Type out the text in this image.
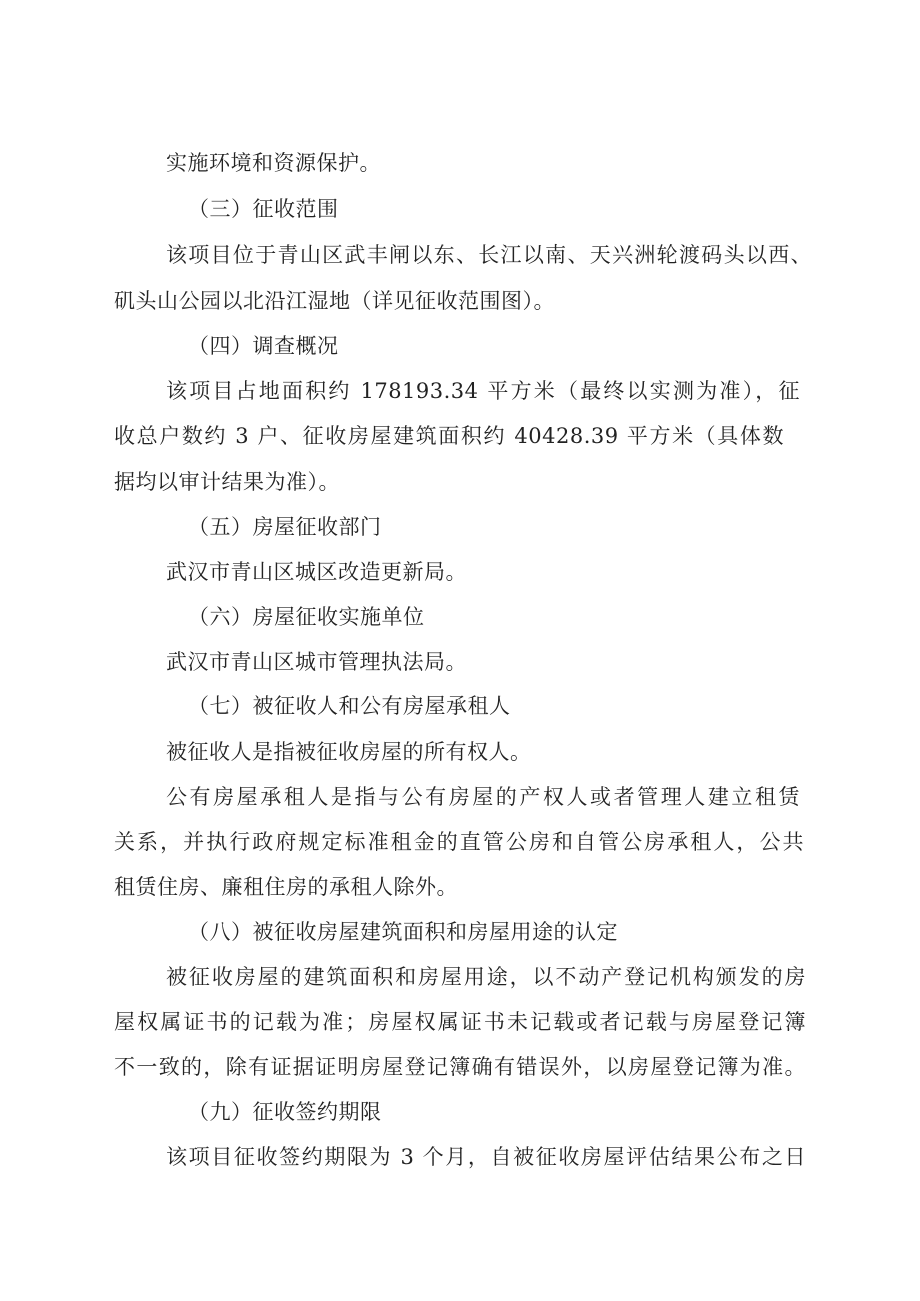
实施环境和资源保护。
（三）征收范围
该项目位于青山区武丰闸以东、长江以南、天兴洲轮渡码头以西、
矶头山公园以北沿江湿地（详见征收范围图）。
（四）调查概况
该项目占地面积约 178193.34 平方米（最终以实测为准），征
收总户数约 3 户、征收房屋建筑面积约 40428.39 平方米（具体数
据均以审计结果为准）。
（五）房屋征收部门
武汉市青山区城区改造更新局。
（六）房屋征收实施单位
武汉市青山区城市管理执法局。
（七）被征收人和公有房屋承租人
被征收人是指被征收房屋的所有权人。
公有房屋承租人是指与公有房屋的产权人或者管理人建立租赁
关系，并执行政府规定标准租金的直管公房和自管公房承租人，公共
租赁住房、廉租住房的承租人除外。
（八）被征收房屋建筑面积和房屋用途的认定
被征收房屋的建筑面积和房屋用途，以不动产登记机构颁发的房
屋权属证书的记载为准；房屋权属证书未记载或者记载与房屋登记簿
不一致的，除有证据证明房屋登记簿确有错误外，以房屋登记簿为准。
（九）征收签约期限
该项目征收签约期限为 3 个月，自被征收房屋评估结果公布之日
